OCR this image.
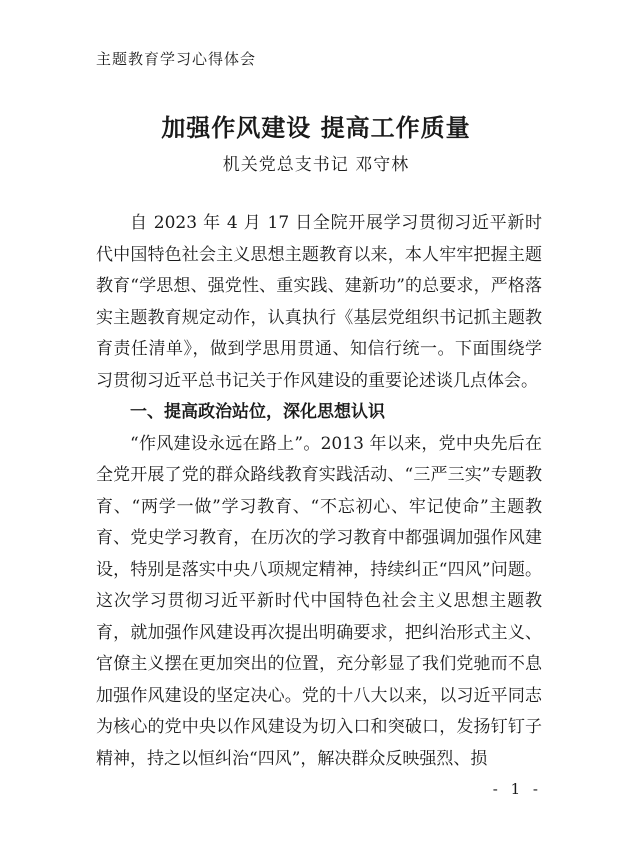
主题教育学习心得体会
加强作风建设 提高工作质量
机关党总支书记 邓守林

自 2023 年 4 月 17 日全院开展学习贯彻习近平新时代中国特色社会主义思想主题教育以来，本人牢牢把握主题教育“学思想、强党性、重实践、建新功”的总要求，严格落实主题教育规定动作，认真执行《基层党组织书记抓主题教育责任清单》，做到学思用贯通、知信行统一。下面围绕学习贯彻习近平总书记关于作风建设的重要论述谈几点体会。

一、提高政治站位，深化思想认识

“作风建设永远在路上”。2013 年以来，党中央先后在全党开展了党的群众路线教育实践活动、“三严三实”专题教育、“两学一做”学习教育、“不忘初心、牢记使命”主题教育、党史学习教育，在历次的学习教育中都强调加强作风建设，特别是落实中央八项规定精神，持续纠正“四风”问题。这次学习贯彻习近平新时代中国特色社会主义思想主题教育，就加强作风建设再次提出明确要求，把纠治形式主义、官僚主义摆在更加突出的位置，充分彰显了我们党驰而不息加强作风建设的坚定决心。党的十八大以来，以习近平同志为核心的党中央以作风建设为切入口和突破口，发扬钉钉子精神，持之以恒纠治“四风”，解决群众反映强烈、损

- 1 -
